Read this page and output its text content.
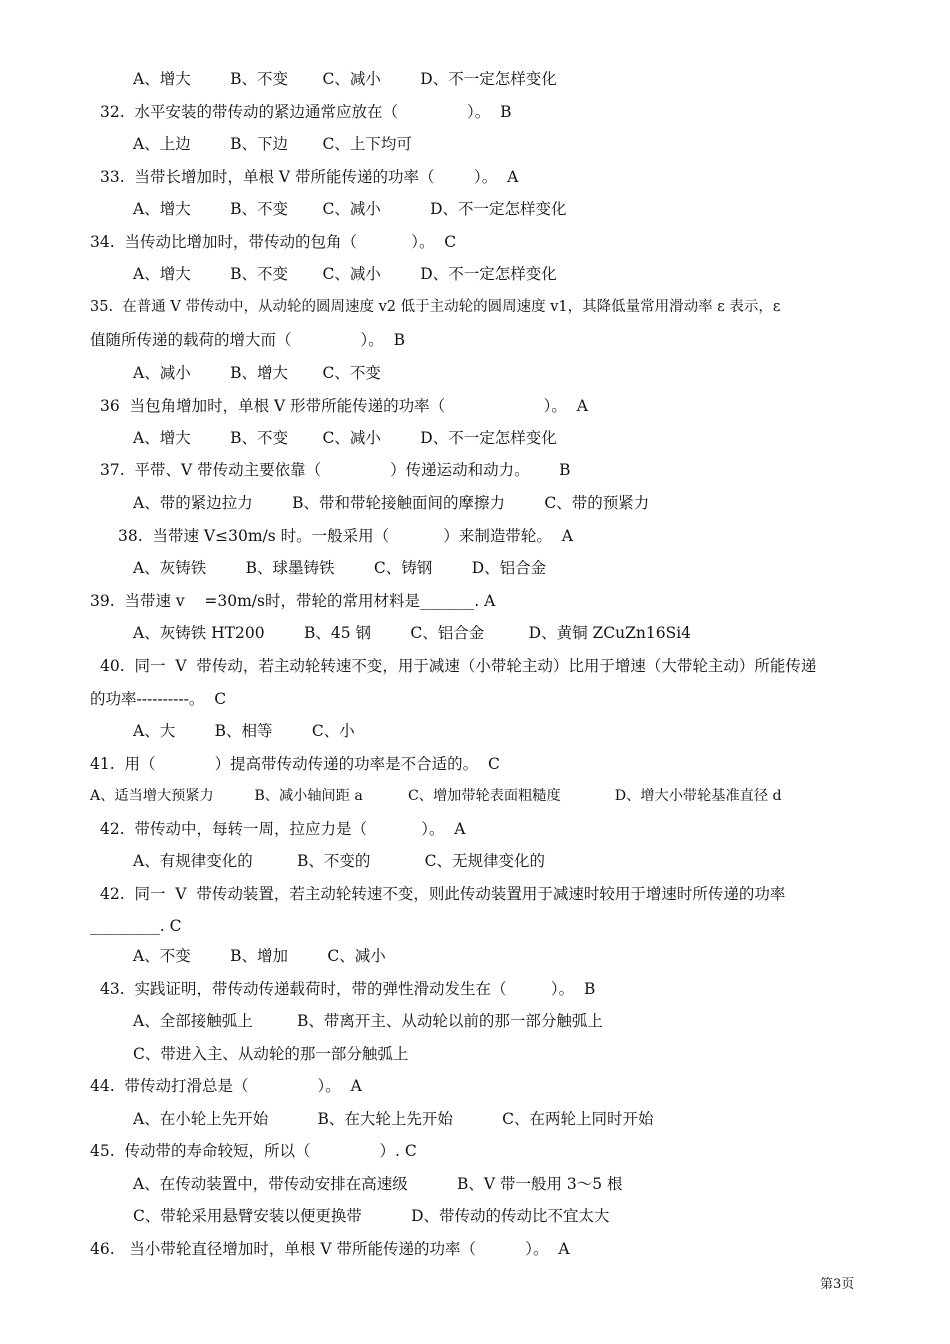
A、增大        B、不变       C、减小        D、不一定怎样变化
32.  水平安装的带传动的紧边通常应放在（              ）。  B
A、上边        B、下边       C、上下均可
33.  当带长增加时，单根 V 带所能传递的功率（        ）。  A
A、增大        B、不变       C、减小          D、不一定怎样变化
34.  当传动比增加时，带传动的包角（           ）。  C
A、增大        B、不变       C、减小        D、不一定怎样变化
35.  在普通 V 带传动中，从动轮的圆周速度 v2 低于主动轮的圆周速度 v1，其降低量常用滑动率 ε 表示，ε
值随所传递的载荷的增大而（              ）。  B
A、减小        B、增大       C、不变
36  当包角增加时，单根 V 形带所能传递的功率（                    ）。  A
A、增大        B、不变       C、减小        D、不一定怎样变化
37.  平带、V 带传动主要依靠（              ）传递运动和动力。      B
A、带的紧边拉力        B、带和带轮接触面间的摩擦力        C、带的预紧力
38.  当带速 V≤30m/s 时。一般采用（           ）来制造带轮。  A
A、灰铸铁        B、球墨铸铁        C、铸钢        D、铝合金
39.  当带速 v    =30m/s时，带轮的常用材料是_______. A
A、灰铸铁 HT200        B、45 钢        C、铝合金         D、黄铜 ZCuZn16Si4
40.  同一  V  带传动，若主动轮转速不变，用于减速（小带轮主动）比用于增速（大带轮主动）所能传递
的功率----------。  C
A、大        B、相等        C、小
41.  用（            ）提高带传动传递的功率是不合适的。  C
A、适当增大预紧力         B、减小轴间距 a          C、增加带轮表面粗糙度            D、增大小带轮基准直径 d
42.  带传动中，每转一周，拉应力是（           ）。  A
A、有规律变化的         B、不变的           C、无规律变化的
42.  同一  V  带传动装置，若主动轮转速不变，则此传动装置用于减速时较用于增速时所传递的功率
_________. C
A、不变        B、增加        C、减小
43.  实践证明，带传动传递载荷时，带的弹性滑动发生在（         ）。  B
A、全部接触弧上         B、带离开主、从动轮以前的那一部分触弧上
C、带进入主、从动轮的那一部分触弧上
44.  带传动打滑总是（              ）。  A
A、在小轮上先开始          B、在大轮上先开始          C、在两轮上同时开始
45.  传动带的寿命较短，所以（              ）. C
A、在传动装置中，带传动安排在高速级          B、V 带一般用 3～5 根
C、带轮采用悬臂安装以便更换带          D、带传动的传动比不宜太大
46.   当小带轮直径增加时，单根 V 带所能传递的功率（          ）。  A
第3页
